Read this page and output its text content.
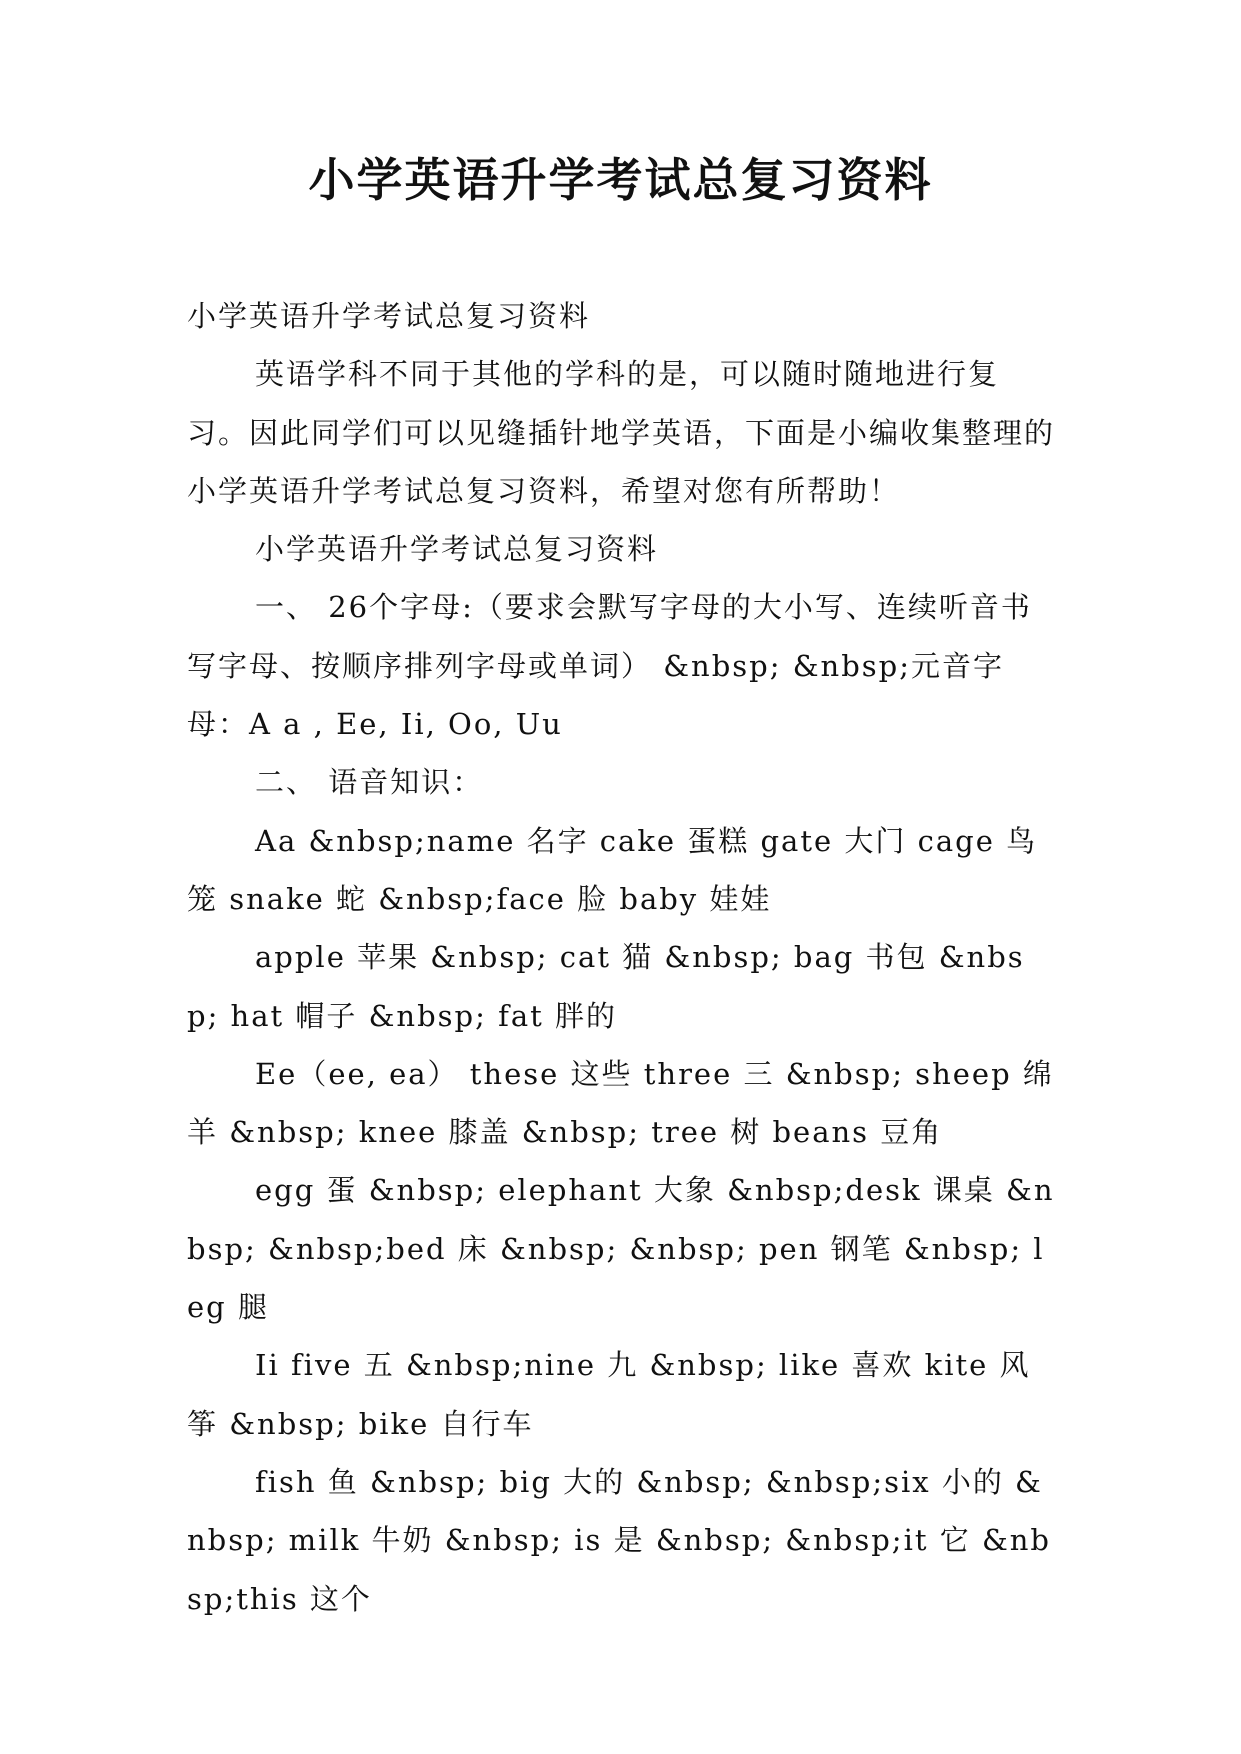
小学英语升学考试总复习资料

小学英语升学考试总复习资料

英语学科不同于其他的学科的是，可以随时随地进行复习。因此同学们可以见缝插针地学英语，下面是小编收集整理的小学英语升学考试总复习资料，希望对您有所帮助！

小学英语升学考试总复习资料

一、 26个字母:（要求会默写字母的大小写、连续听音书写字母、按顺序排列字母或单词） &nbsp; &nbsp;元音字母：A a , Ee, Ii, Oo, Uu

二、 语音知识：

Aa &nbsp;name 名字 cake 蛋糕 gate 大门 cage 鸟笼 snake 蛇 &nbsp;face 脸 baby 娃娃

apple 苹果 &nbsp; cat 猫 &nbsp; bag 书包 &nbsp; hat 帽子 &nbsp; fat 胖的

Ee（ee, ea） these 这些 three 三 &nbsp; sheep 绵羊 &nbsp; knee 膝盖 &nbsp; tree 树 beans 豆角

egg 蛋 &nbsp; elephant 大象 &nbsp;desk 课桌 &nbsp; &nbsp;bed 床 &nbsp; &nbsp; pen 钢笔 &nbsp; leg 腿

Ii five 五 &nbsp;nine 九 &nbsp; like 喜欢 kite 风筝 &nbsp; bike 自行车

fish 鱼 &nbsp; big 大的 &nbsp; &nbsp;six 小的 &nbsp; milk 牛奶 &nbsp; is 是 &nbsp; &nbsp;it 它 &nbsp;this 这个
